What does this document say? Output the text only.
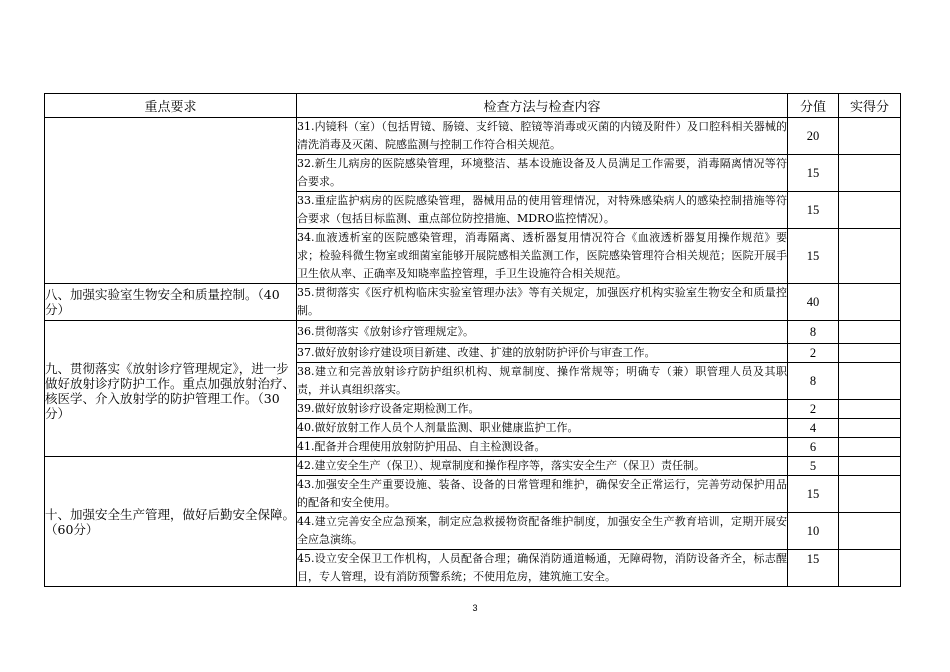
重点要求	检查方法与检查内容	分值	实得分
	31.内镜科（室）（包括胃镜、肠镜、支纤镜、腔镜等消毒或灭菌的内镜及附件）及口腔科相关器械的清洗消毒及灭菌、院感监测与控制工作符合相关规范。	20	
	32.新生儿病房的医院感染管理，环境整洁、基本设施设备及人员满足工作需要，消毒隔离情况等符合要求。	15	
	33.重症监护病房的医院感染管理，器械用品的使用管理情况，对特殊感染病人的感染控制措施等符合要求（包括目标监测、重点部位防控措施、MDRO监控情况）。	15	
	34.血液透析室的医院感染管理，消毒隔离、透析器复用情况符合《血液透析器复用操作规范》要求；检验科微生物室或细菌室能够开展院感相关监测工作，医院感染管理符合相关规范；医院开展手卫生依从率、正确率及知晓率监控管理，手卫生设施符合相关规范。	15	
八、加强实验室生物安全和质量控制。（40分）	35.贯彻落实《医疗机构临床实验室管理办法》等有关规定，加强医疗机构实验室生物安全和质量控制。	40	
九、贯彻落实《放射诊疗管理规定》，进一步做好放射诊疗防护工作。重点加强放射治疗、核医学、介入放射学的防护管理工作。（30分）	36.贯彻落实《放射诊疗管理规定》。	8	
	37.做好放射诊疗建设项目新建、改建、扩建的放射防护评价与审查工作。	2	
	38.建立和完善放射诊疗防护组织机构、规章制度、操作常规等；明确专（兼）职管理人员及其职责，并认真组织落实。	8	
	39.做好放射诊疗设备定期检测工作。	2	
	40.做好放射工作人员个人剂量监测、职业健康监护工作。	4	
	41.配备并合理使用放射防护用品、自主检测设备。	6	
十、加强安全生产管理，做好后勤安全保障。（60分）	42.建立安全生产（保卫）、规章制度和操作程序等，落实安全生产（保卫）责任制。	5	
	43.加强安全生产重要设施、装备、设备的日常管理和维护，确保安全正常运行，完善劳动保护用品的配备和安全使用。	15	
	44.建立完善安全应急预案，制定应急救援物资配备维护制度，加强安全生产教育培训，定期开展安全应急演练。	10	
	45.设立安全保卫工作机构，人员配备合理；确保消防通道畅通，无障碍物，消防设备齐全，标志醒目，专人管理，设有消防预警系统；不使用危房，建筑施工安全。	15	
3
